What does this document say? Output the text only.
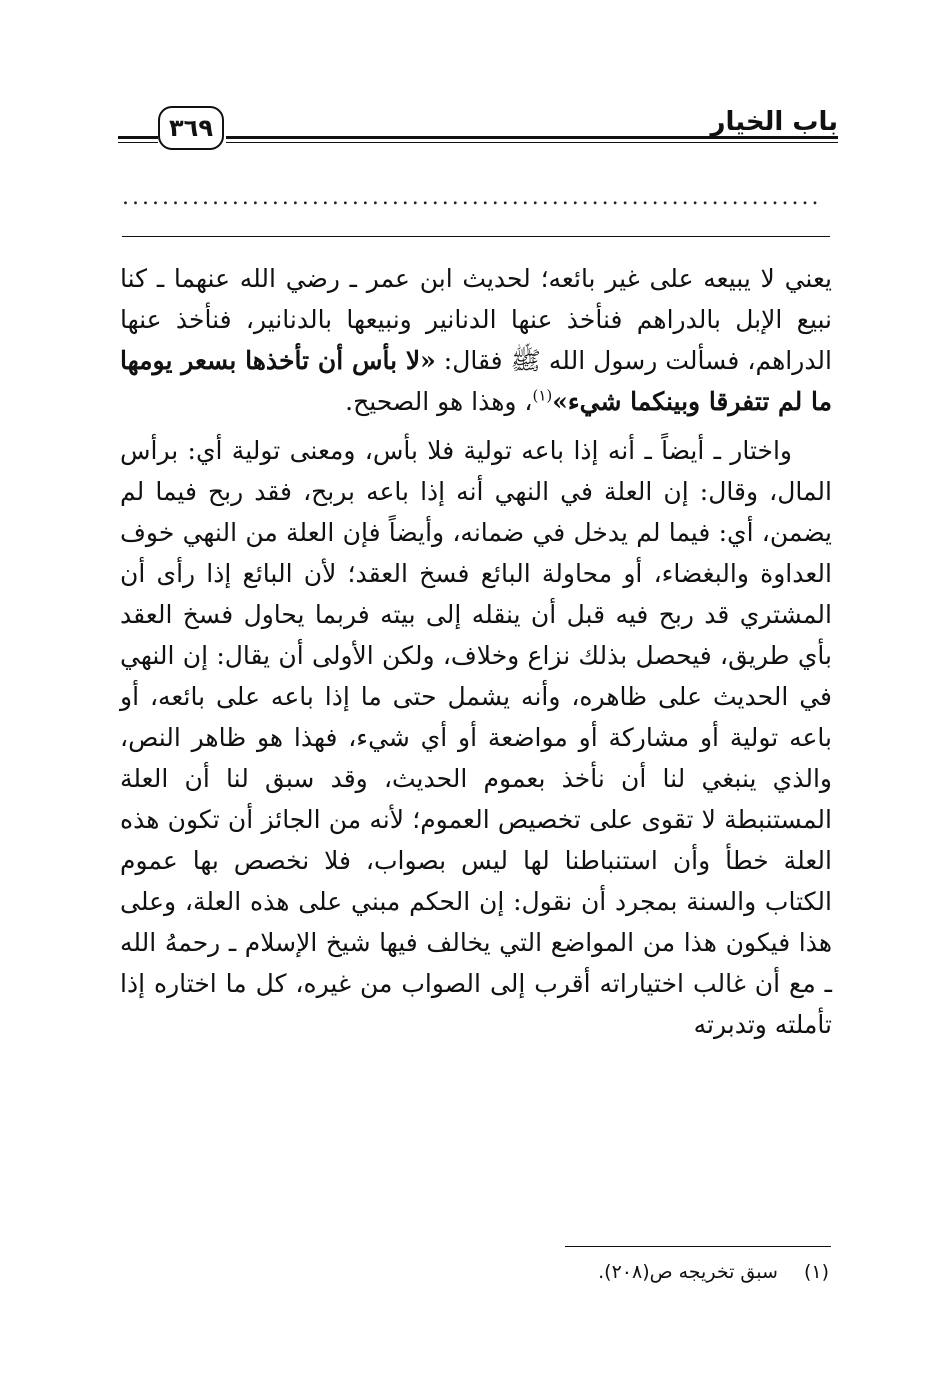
٣٦٩	باب الخيار
......................................................................

يعني لا يبيعه على غير بائعه؛ لحديث ابن عمر ـ رضي الله عنهما ـ كنا نبيع الإبل بالدراهم فنأخذ عنها الدنانير ونبيعها بالدنانير، فنأخذ عنها الدراهم، فسألت رسول الله ﷺ فقال: «لا بأس أن تأخذها بسعر يومها ما لم تتفرقا وبينكما شيء»$^{(١)}$، وهذا هو الصحيح.

واختار ـ أيضاً ـ أنه إذا باعه تولية فلا بأس، ومعنى تولية أي: برأس المال، وقال: إن العلة في النهي أنه إذا باعه بربح، فقد ربح فيما لم يضمن، أي: فيما لم يدخل في ضمانه، وأيضاً فإن العلة من النهي خوف العداوة والبغضاء، أو محاولة البائع فسخ العقد؛ لأن البائع إذا رأى أن المشتري قد ربح فيه قبل أن ينقله إلى بيته فربما يحاول فسخ العقد بأي طريق، فيحصل بذلك نزاع وخلاف، ولكن الأولى أن يقال: إن النهي في الحديث على ظاهره، وأنه يشمل حتى ما إذا باعه على بائعه، أو باعه تولية أو مشاركة أو مواضعة أو أي شيء، فهذا هو ظاهر النص، والذي ينبغي لنا أن نأخذ بعموم الحديث، وقد سبق لنا أن العلة المستنبطة لا تقوى على تخصيص العموم؛ لأنه من الجائز أن تكون هذه العلة خطأ وأن استنباطنا لها ليس بصواب، فلا نخصص بها عموم الكتاب والسنة بمجرد أن نقول: إن الحكم مبني على هذه العلة، وعلى هذا فيكون هذا من المواضع التي يخالف فيها شيخ الإسلام ـ رحمهُ الله ـ مع أن غالب اختياراته أقرب إلى الصواب من غيره، كل ما اختاره إذا تأملته وتدبرته

(١)سبق تخريجه ص(٢٠٨).
